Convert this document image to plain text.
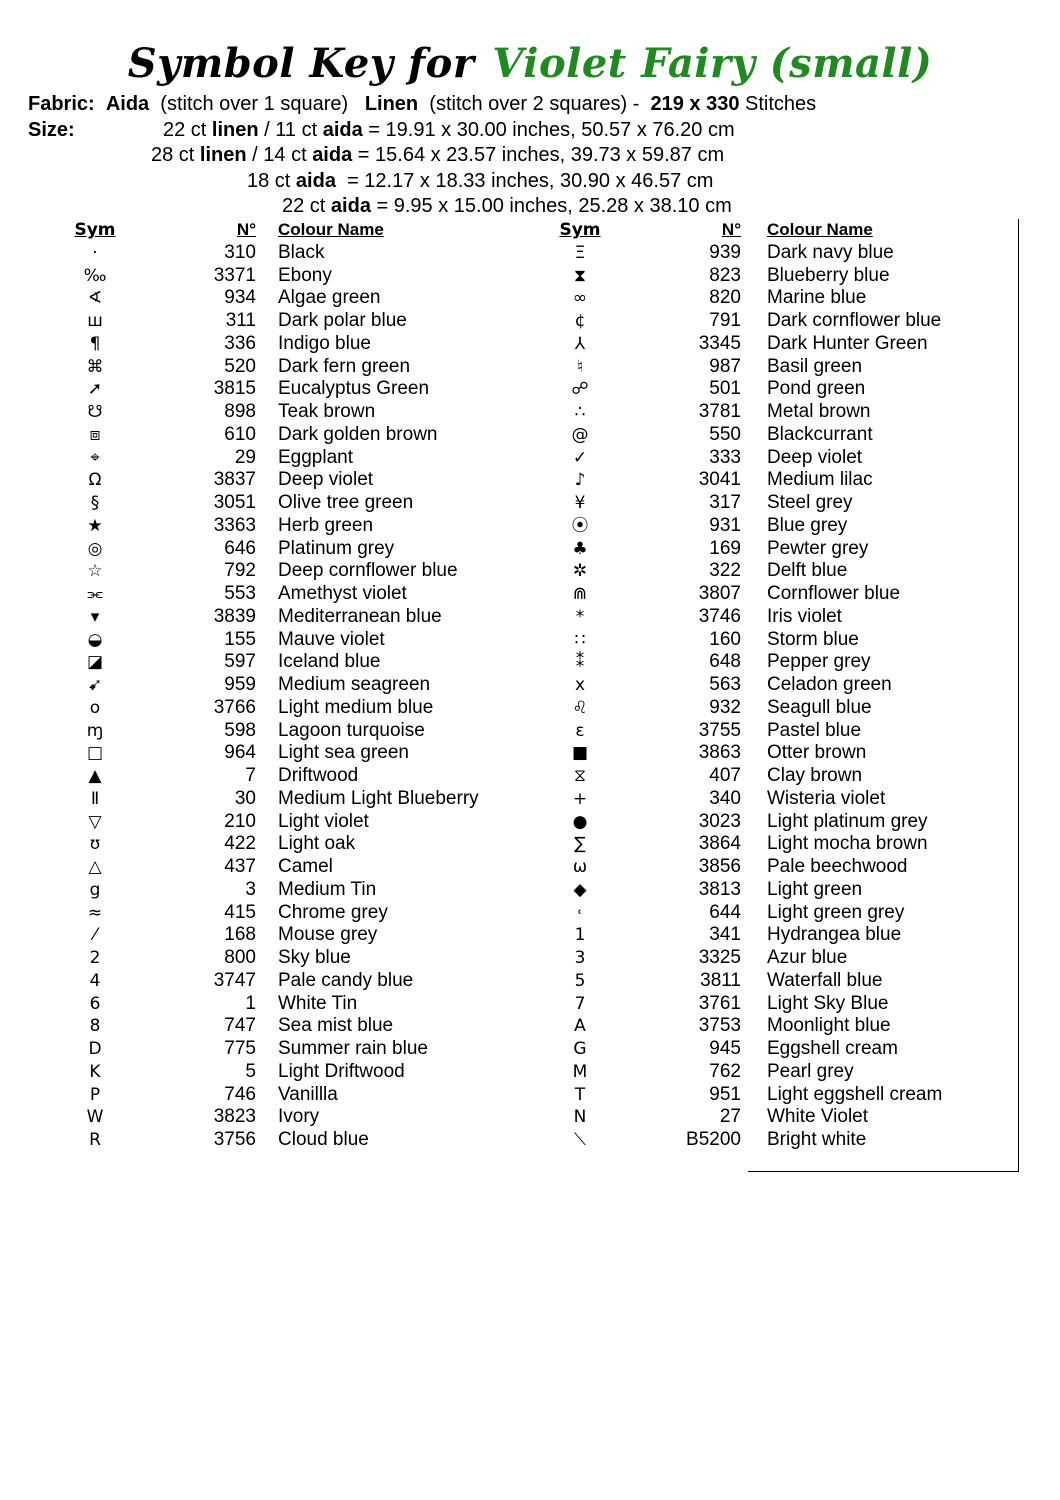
Symbol Key for Violet Fairy (small)
Fabric: Aida (stitch over 1 square) Linen (stitch over 2 squares) - 219 x 330 Stitches
Size:	22 ct linen / 11 ct aida = 19.91 x 30.00 inches, 50.57 x 76.20 cm
28 ct linen / 14 ct aida = 15.64 x 23.57 inches, 39.73 x 59.87 cm
18 ct aida  = 12.17 x 18.33 inches, 30.90 x 46.57 cm
22 ct aida = 9.95 x 15.00 inches, 25.28 x 38.10 cm
Sym	N° Colour Name
·	310 Black
‰	3371 Ebony
∢	934 Algae green
ш	311 Dark polar blue
¶	336 Indigo blue
⌘	520 Dark fern green
➚	3815 Eucalyptus Green
☋	898 Teak brown
⧈	610 Dark golden brown
⌖	29 Eggplant
Ω	3837 Deep violet
§	3051 Olive tree green
★	3363 Herb green
◎	646 Platinum grey
☆	792 Deep cornflower blue
⫘	553 Amethyst violet
▾	3839 Mediterranean blue
◒	155 Mauve violet
◪	597 Iceland blue
➹	959 Medium seagreen
o	3766 Light medium blue
ɱ	598 Lagoon turquoise
□	964 Light sea green
▲	7 Driftwood
Ⅱ	30 Medium Light Blueberry
▽	210 Light violet
ʊ	422 Light oak
△	437 Camel
g	3 Medium Tin
≈	415 Chrome grey
⁄	168 Mouse grey
2	800 Sky blue
4	3747 Pale candy blue
6	1 White Tin
8	747 Sea mist blue
D	775 Summer rain blue
K	5 Light Driftwood
P	746 Vanillla
W	3823 Ivory
R	3756 Cloud blue
Sym	N° Colour Name
Ξ	939 Dark navy blue
⧗	823 Blueberry blue
∞	820 Marine blue
¢	791 Dark cornflower blue
⅄	3345 Dark Hunter Green
♮	987 Basil green
☍	501 Pond green
∴	3781 Metal brown
@	550 Blackcurrant
✓	333 Deep violet
♪	3041 Medium lilac
¥	317 Steel grey
⦿	931 Blue grey
♣	169 Pewter grey
✲	322 Delft blue
⋒	3807 Cornflower blue
*	3746 Iris violet
∷	160 Storm blue
⁑	648 Pepper grey
x	563 Celadon green
♌	932 Seagull blue
ɛ	3755 Pastel blue
■	3863 Otter brown
⧖	407 Clay brown
+	340 Wisteria violet
●	3023 Light platinum grey
∑	3864 Light mocha brown
ω	3856 Pale beechwood
◆	3813 Light green
˓	644 Light green grey
1	341 Hydrangea blue
3	3325 Azur blue
5	3811 Waterfall blue
7	3761 Light Sky Blue
A	3753 Moonlight blue
G	945 Eggshell cream
M	762 Pearl grey
T	951 Light eggshell cream
N	27 White Violet
⟍	B5200 Bright white
